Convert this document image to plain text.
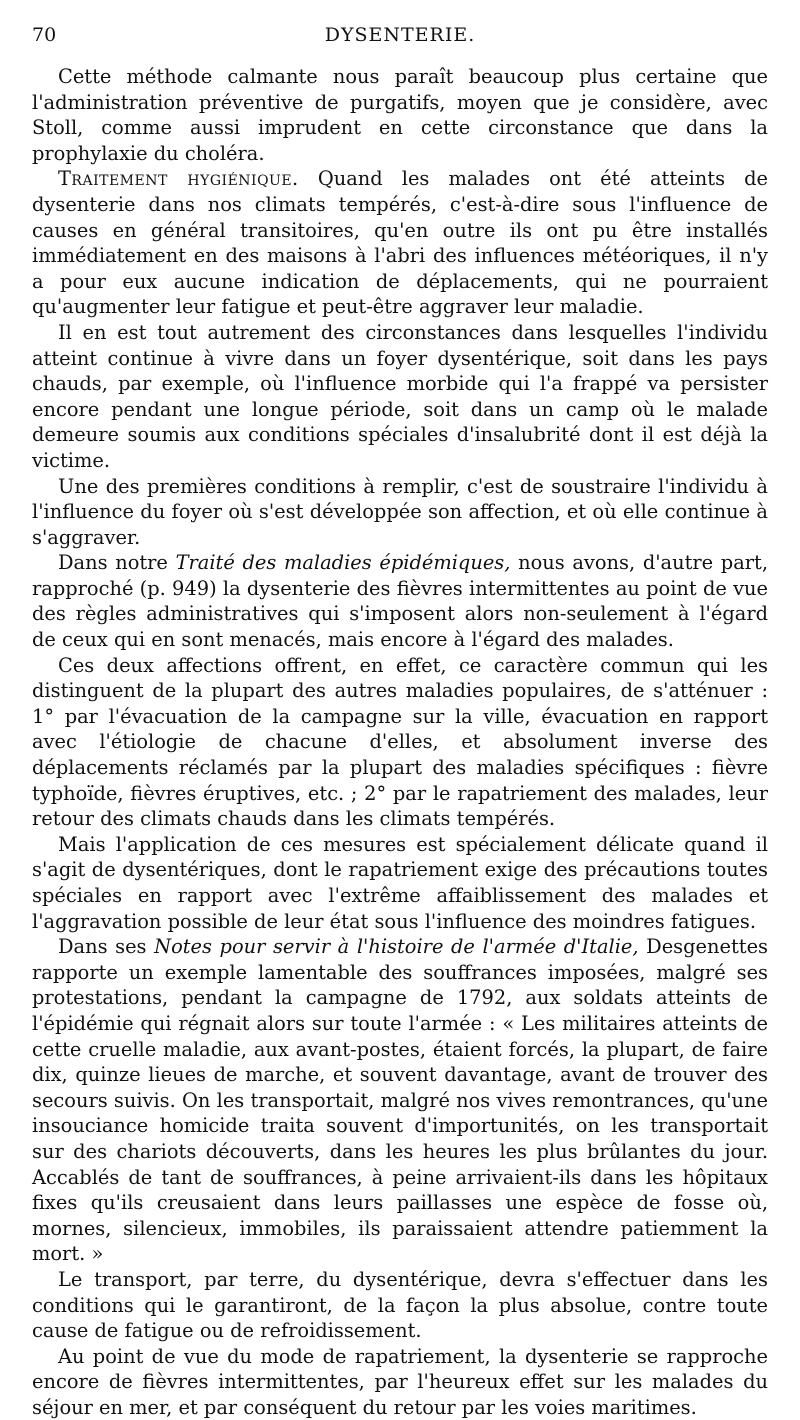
70	DYSENTERIE.

Cette méthode calmante nous paraît beaucoup plus certaine que l'administration préventive de purgatifs, moyen que je considère, avec Stoll, comme aussi imprudent en cette circonstance que dans la prophylaxie du choléra.

Traitement hygiénique. Quand les malades ont été atteints de dysenterie dans nos climats tempérés, c'est-à-dire sous l'influence de causes en général transitoires, qu'en outre ils ont pu être installés immédiatement en des maisons à l'abri des influences météoriques, il n'y a pour eux aucune indication de déplacements, qui ne pourraient qu'augmenter leur fatigue et peut-être aggraver leur maladie.

Il en est tout autrement des circonstances dans lesquelles l'individu atteint continue à vivre dans un foyer dysentérique, soit dans les pays chauds, par exemple, où l'influence morbide qui l'a frappé va persister encore pendant une longue période, soit dans un camp où le malade demeure soumis aux conditions spéciales d'insalubrité dont il est déjà la victime.

Une des premières conditions à remplir, c'est de soustraire l'individu à l'influence du foyer où s'est développée son affection, et où elle continue à s'aggraver.

Dans notre Traité des maladies épidémiques, nous avons, d'autre part, rapproché (p. 949) la dysenterie des fièvres intermittentes au point de vue des règles administratives qui s'imposent alors non-seulement à l'égard de ceux qui en sont menacés, mais encore à l'égard des malades.

Ces deux affections offrent, en effet, ce caractère commun qui les distinguent de la plupart des autres maladies populaires, de s'atténuer : 1° par l'évacuation de la campagne sur la ville, évacuation en rapport avec l'étiologie de chacune d'elles, et absolument inverse des déplacements réclamés par la plupart des maladies spécifiques : fièvre typhoïde, fièvres éruptives, etc. ; 2° par le rapatriement des malades, leur retour des climats chauds dans les climats tempérés.

Mais l'application de ces mesures est spécialement délicate quand il s'agit de dysentériques, dont le rapatriement exige des précautions toutes spéciales en rapport avec l'extrême affaiblissement des malades et l'aggravation possible de leur état sous l'influence des moindres fatigues.

Dans ses Notes pour servir à l'histoire de l'armée d'Italie, Desgenettes rapporte un exemple lamentable des souffrances imposées, malgré ses protestations, pendant la campagne de 1792, aux soldats atteints de l'épidémie qui régnait alors sur toute l'armée : « Les militaires atteints de cette cruelle maladie, aux avant-postes, étaient forcés, la plupart, de faire dix, quinze lieues de marche, et souvent davantage, avant de trouver des secours suivis. On les transportait, malgré nos vives remontrances, qu'une insouciance homicide traita souvent d'importunités, on les transportait sur des chariots découverts, dans les heures les plus brûlantes du jour. Accablés de tant de souffrances, à peine arrivaient-ils dans les hôpitaux fixes qu'ils creusaient dans leurs paillasses une espèce de fosse où, mornes, silencieux, immobiles, ils paraissaient attendre patiemment la mort. »

Le transport, par terre, du dysentérique, devra s'effectuer dans les conditions qui le garantiront, de la façon la plus absolue, contre toute cause de fatigue ou de refroidissement.

Au point de vue du mode de rapatriement, la dysenterie se rapproche encore de fièvres intermittentes, par l'heureux effet sur les malades du séjour en mer, et par conséquent du retour par les voies maritimes.
